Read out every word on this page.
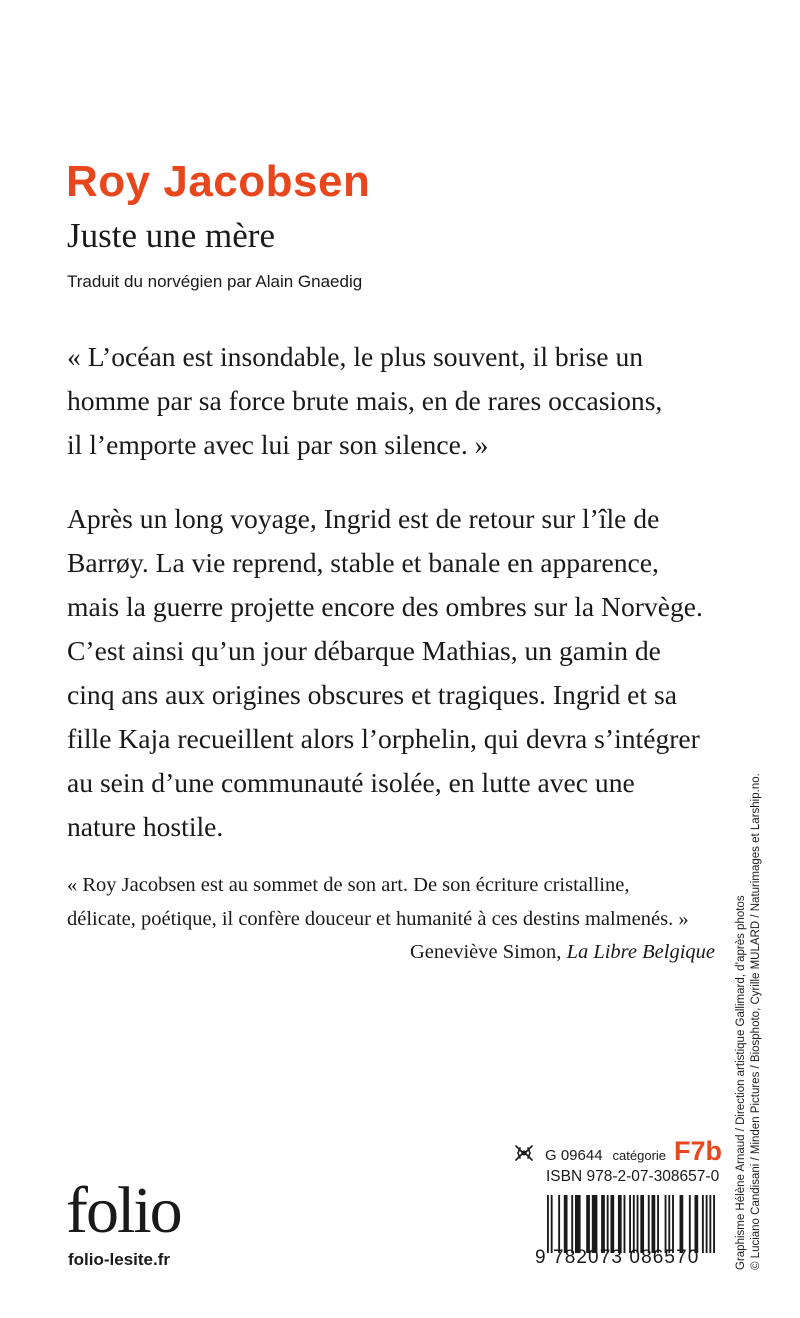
Roy Jacobsen
Juste une mère
Traduit du norvégien par Alain Gnaedig
« L’océan est insondable, le plus souvent, il brise un
homme par sa force brute mais, en de rares occasions,
il l’emporte avec lui par son silence. »
Après un long voyage, Ingrid est de retour sur l’île de
Barrøy. La vie reprend, stable et banale en apparence,
mais la guerre projette encore des ombres sur la Norvège.
C’est ainsi qu’un jour débarque Mathias, un gamin de
cinq ans aux origines obscures et tragiques. Ingrid et sa
fille Kaja recueillent alors l’orphelin, qui devra s’intégrer
au sein d’une communauté isolée, en lutte avec une
nature hostile.
« Roy Jacobsen est au sommet de son art. De son écriture cristalline,
délicate, poétique, il confère douceur et humanité à ces destins malmenés. »
Geneviève Simon, La Libre Belgique Graphisme Hélène Arnaud / Direction artistique Gallimard, d’après photos © Luciano Candisani / Minden Pictures / Biosphoto, Cyrille MULARD / Naturimages et Larship.no.
G 09644 catégorie F7b
ISBN 978-2-07-308657-0
folio
folio-lesite.fr	9 782073 086570
